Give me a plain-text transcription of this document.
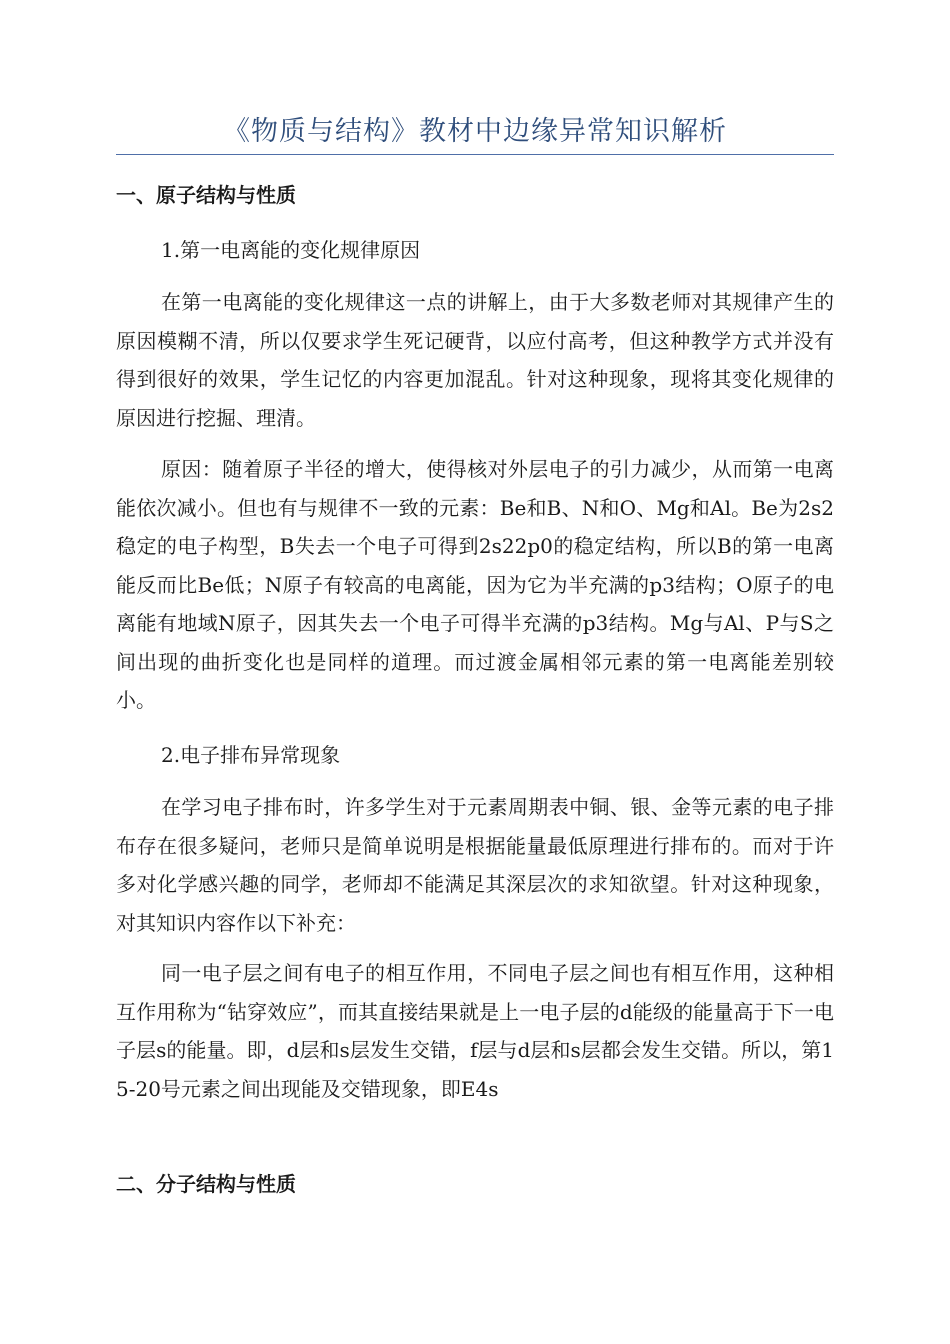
《物质与结构》教材中边缘异常知识解析
一、原子结构与性质
1.第一电离能的变化规律原因
在第一电离能的变化规律这一点的讲解上，由于大多数老师对其规律产生的原因模糊不清，所以仅要求学生死记硬背，以应付高考，但这种教学方式并没有得到很好的效果，学生记忆的内容更加混乱。针对这种现象，现将其变化规律的原因进行挖掘、理清。
原因：随着原子半径的增大，使得核对外层电子的引力减少，从而第一电离能依次减小。但也有与规律不一致的元素：Be和B、N和O、Mg和Al。Be为2s2稳定的电子构型，B失去一个电子可得到2s22p0的稳定结构，所以B的第一电离能反而比Be低；N原子有较高的电离能，因为它为半充满的p3结构；O原子的电离能有地域N原子，因其失去一个电子可得半充满的p3结构。Mg与Al、P与S之间出现的曲折变化也是同样的道理。而过渡金属相邻元素的第一电离能差别较小。
2.电子排布异常现象
在学习电子排布时，许多学生对于元素周期表中铜、银、金等元素的电子排布存在很多疑问，老师只是简单说明是根据能量最低原理进行排布的。而对于许多对化学感兴趣的同学，老师却不能满足其深层次的求知欲望。针对这种现象，对其知识内容作以下补充：
同一电子层之间有电子的相互作用，不同电子层之间也有相互作用，这种相互作用称为“钻穿效应”，而其直接结果就是上一电子层的d能级的能量高于下一电子层s的能量。即，d层和s层发生交错，f层与d层和s层都会发生交错。所以，第15-20号元素之间出现能及交错现象，即E4s
二、分子结构与性质
